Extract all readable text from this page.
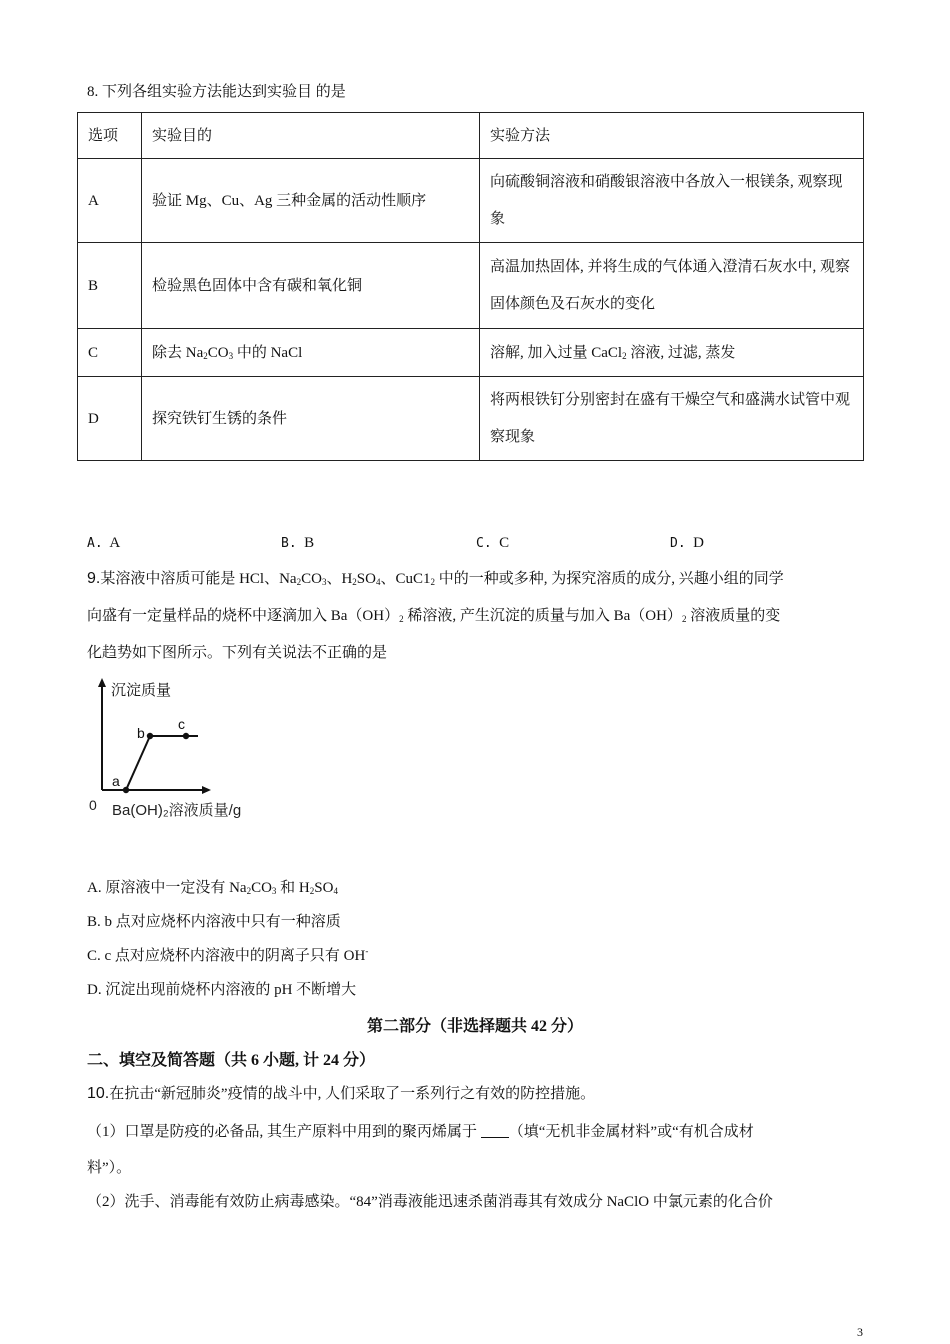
8. 下列各组实验方法能达到实验目 的是
选项	实验目的	实验方法
A	验证 Mg、Cu、Ag 三种金属的活动性顺序	向硫酸铜溶液和硝酸银溶液中各放入一根镁条, 观察现象
B	检验黑色固体中含有碳和氧化铜	高温加热固体, 并将生成的气体通入澄清石灰水中, 观察固体颜色及石灰水的变化
C	除去 $Na_2CO_3$ 中的 NaCl	溶解, 加入过量 CaCl$_2$ 溶液, 过滤, 蒸发
D	探究铁钉生锈的条件	将两根铁钉分别密封在盛有干燥空气和盛满水试管中观察现象
A. A	B. B	C. C	D. D
9.某溶液中溶质可能是 HCl、$Na_2CO_3$、$H_2SO_4$、$CuC1_2$ 中的一种或多种, 为探究溶质的成分, 兴趣小组的同学
向盛有一定量样品的烧杯中逐滴加入 $Ba(OH)_2$ 稀溶液, 产生沉淀的质量与加入 $Ba(OH)_2$ 溶液质量的变
化趋势如下图所示。下列有关说法不正确的是
沉淀质量
Ba(OH)₂溶液质量/g
0
a
b
c
A. 原溶液中一定没有 $Na_2CO_3$ 和 $H_2SO_4$
B. b 点对应烧杯内溶液中只有一种溶质
C. c 点对应烧杯内溶液中的阴离子只有 OH-
D. 沉淀出现前烧杯内溶液的 pH 不断增大
第二部分（非选择题共 42 分）
二、填空及简答题（共 6 小题, 计 24 分）
10.在抗击“新冠肺炎”疫情的战斗中, 人们采取了一系列行之有效的防控措施。
（1）口罩是防疫的必备品, 其生产原料中用到的聚丙烯属于 （填“无机非金属材料”或“有机合成材
料”）。
（2）洗手、消毒能有效防止病毒感染。“84”消毒液能迅速杀菌消毒其有效成分 NaClO 中氯元素的化合价
3
